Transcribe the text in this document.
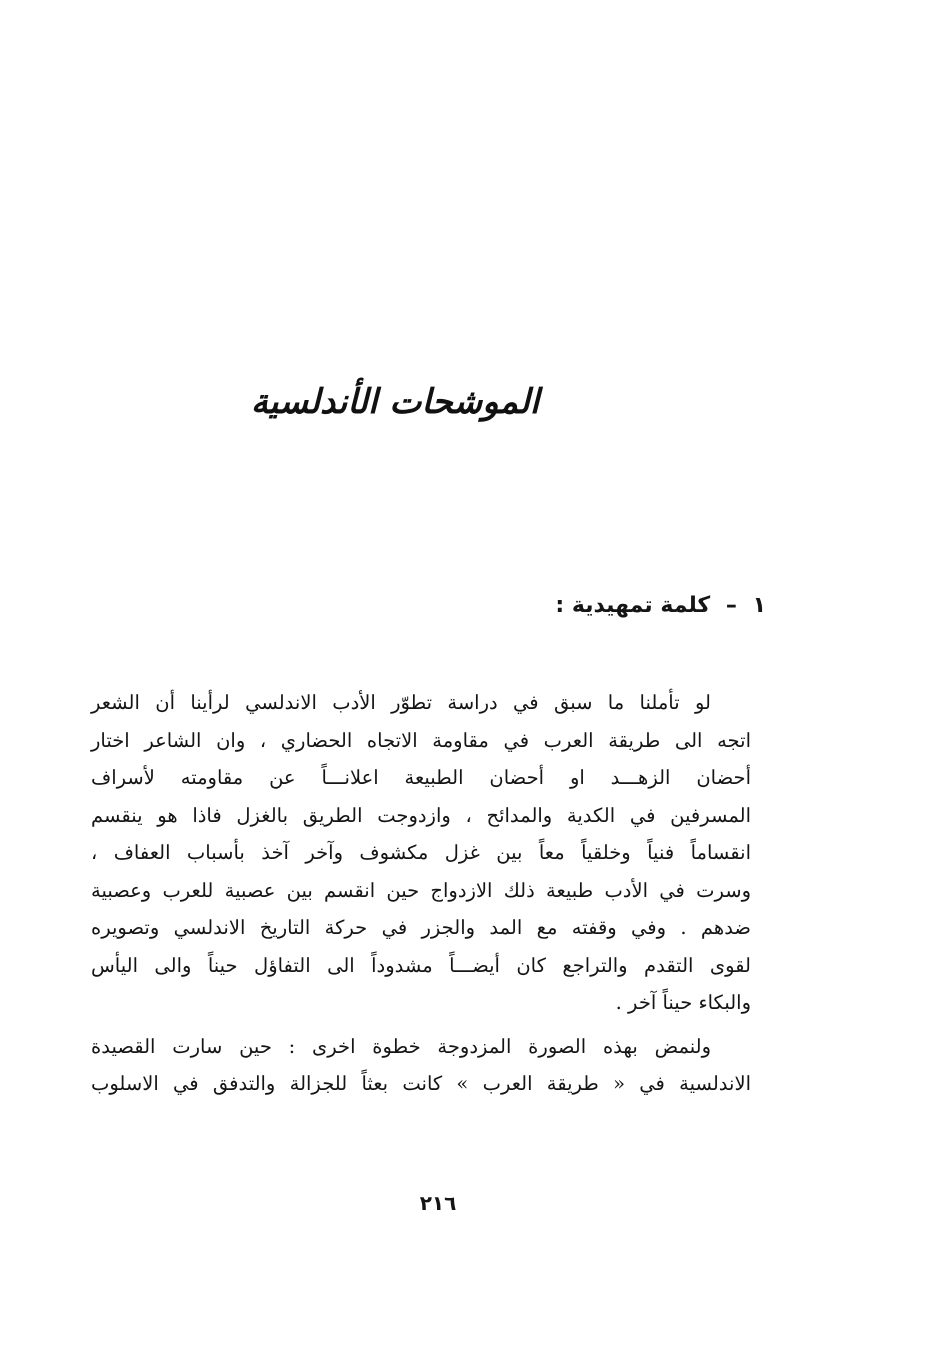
الموشحات الأندلسية
١ – كلمة تمهيدية :
لو تأملنا ما سبق في دراسة تطوّر الأدب الاندلسي لرأينا أن الشعر
اتجه الى طريقة العرب في مقاومة الاتجاه الحضاري ، وان الشاعر اختار
أحضان الزهـــد او أحضان الطبيعة اعلانـــاً عن مقاومته لأسراف
المسرفين في الكدية والمدائح ، وازدوجت الطريق بالغزل فاذا هو ينقسم
انقساماً فنياً وخلقياً معاً بين غزل مكشوف وآخر آخذ بأسباب العفاف ،
وسرت في الأدب طبيعة ذلك الازدواج حين انقسم بين عصبية للعرب وعصبية
ضدهم . وفي وقفته مع المد والجزر في حركة التاريخ الاندلسي وتصويره
لقوى التقدم والتراجع كان أيضـــاً مشدوداً الى التفاؤل حيناً والى اليأس
والبكاء حيناً آخر .
ولنمض بهذه الصورة المزدوجة خطوة اخرى : حين سارت القصيدة
الاندلسية في « طريقة العرب » كانت بعثاً للجزالة والتدفق في الاسلوب
٢١٦
